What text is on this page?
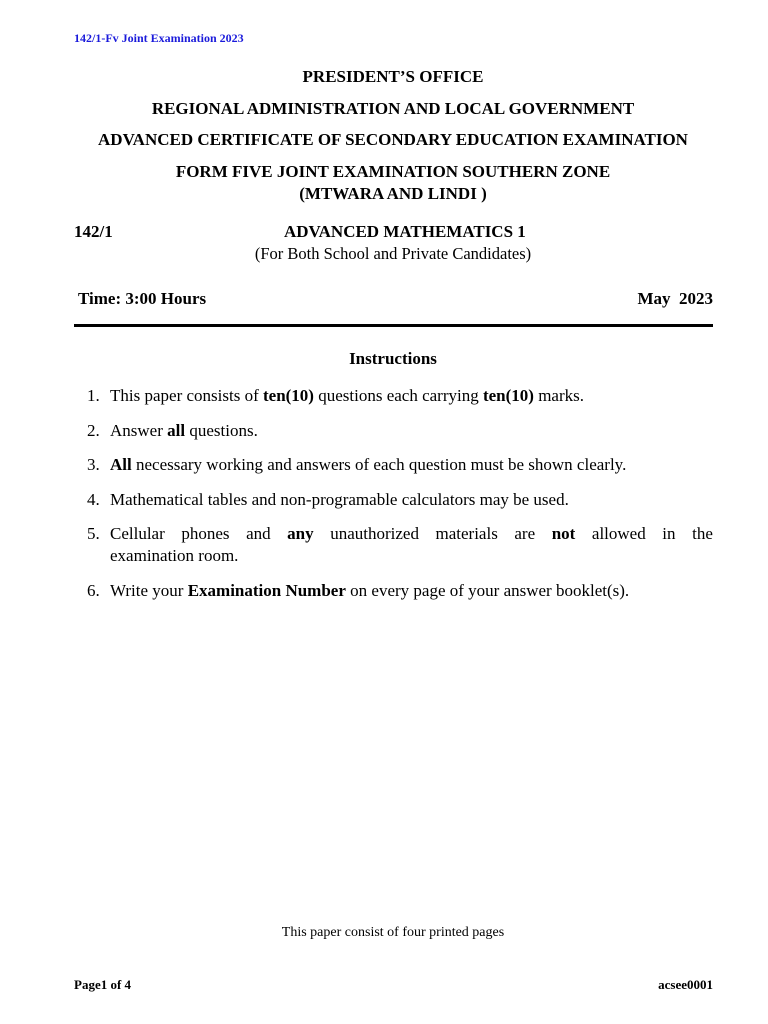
142/1-Fv Joint Examination 2023
PRESIDENT’S OFFICE
REGIONAL ADMINISTRATION AND LOCAL GOVERNMENT
ADVANCED CERTIFICATE OF SECONDARY EDUCATION EXAMINATION
FORM FIVE JOINT EXAMINATION SOUTHERN ZONE
(MTWARA AND LINDI )
142/1	ADVANCED MATHEMATICS 1
(For Both School and Private Candidates)
Time: 3:00 Hours	May  2023
Instructions
1. This paper consists of ten(10) questions each carrying ten(10) marks.
2. Answer all questions.
3. All necessary working and answers of each question must be shown clearly.
4. Mathematical tables and non-programable calculators may be used.
5. Cellular phones and any unauthorized materials are not allowed in the
examination room.
6. Write your Examination Number on every page of your answer booklet(s).
This paper consist of four printed pages
Page1 of 4	acsee0001
